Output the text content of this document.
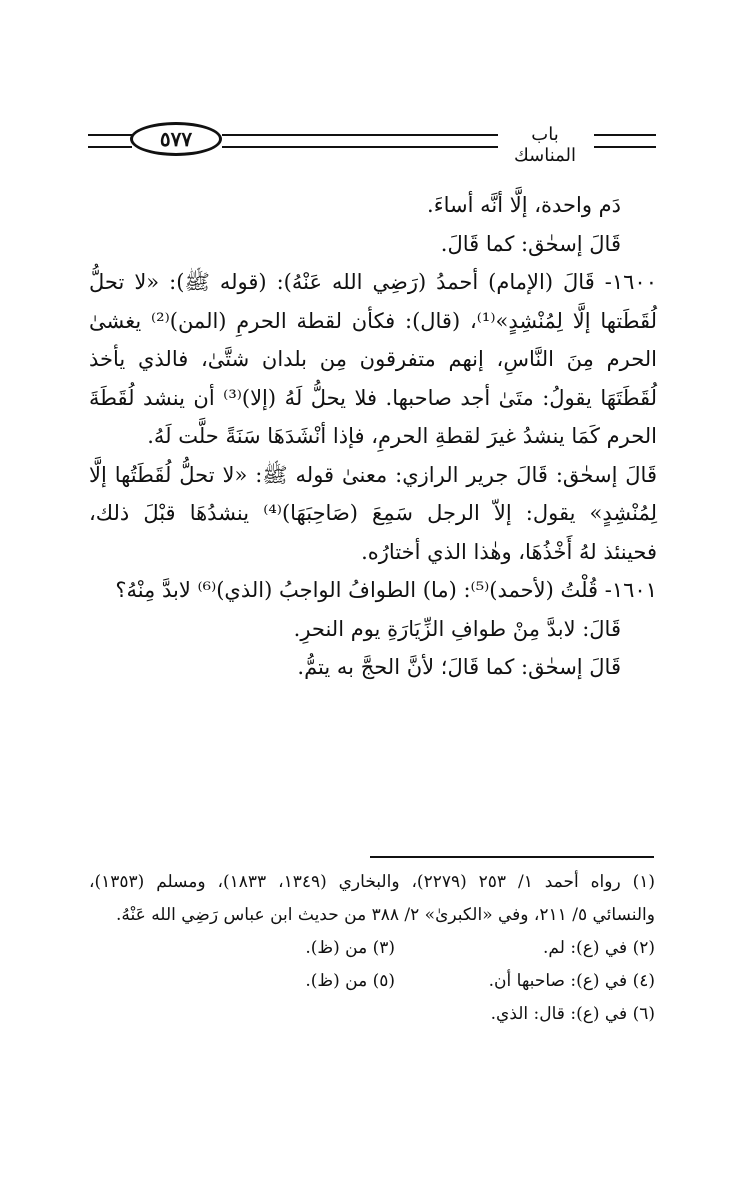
٥٧٧	باب المناسك

دَم واحدة، إلَّا أنَّه أساءَ.

قَالَ إسحٰق: كما قَالَ.

١٦٠٠- قَالَ (الإمام) أحمدُ (رَضِي الله عَنْهُ): (قوله ﷺ): «لا تحلُّ لُقَطَتها إلَّا لِمُنْشِدٍ»⁽¹⁾، (قال): فكأن لقطة الحرمِ (المن)⁽²⁾ يغشىٰ الحرم مِنَ النَّاسِ، إنهم متفرقون مِن بلدان شتَّىٰ، فالذي يأخذ لُقَطَتَهَا يقولُ: متَىٰ أجد صاحبها. فلا يحلُّ لَهُ (إلا)⁽³⁾ أن ينشد لُقَطَةَ الحرم كَمَا ينشدُ غيرَ لقطةِ الحرمِ، فإذا أنْشَدَهَا سَنَةً حلَّت لَهُ.

قَالَ إسحٰق: قَالَ جرير الرازي: معنىٰ قوله ﷺ: «لا تحلُّ لُقَطَتُها إلَّا لِمُنْشِدٍ» يقول: إلاّ الرجل سَمِعَ (صَاحِبَهَا)⁽⁴⁾ ينشدُهَا قبْلَ ذلك، فحينئذ لهُ أَخْذُهَا، وهٰذا الذي أختارُه.

١٦٠١- قُلْتُ (لأحمد)⁽⁵⁾: (ما) الطوافُ الواجبُ (الذي)⁽⁶⁾ لابدَّ مِنْهُ؟

قَالَ: لابدَّ مِنْ طوافِ الزِّيَارَةِ يوم النحرِ.

قَالَ إسحٰق: كما قَالَ؛ لأنَّ الحجَّ به يتمُّ.

(١) رواه أحمد ١/ ٢٥٣ (٢٢٧٩)، والبخاري (١٣٤٩، ١٨٣٣)، ومسلم (١٣٥٣)، والنسائي ٥/ ٢١١، وفي «الكبرىٰ» ٢/ ٣٨٨ من حديث ابن عباس رَضِي الله عَنْهُ.

(٢) في (ع): لم.
(٣) من (ظ).
(٤) في (ع): صاحبها أن.
(٥) من (ظ).

(٦) في (ع): قال: الذي.
